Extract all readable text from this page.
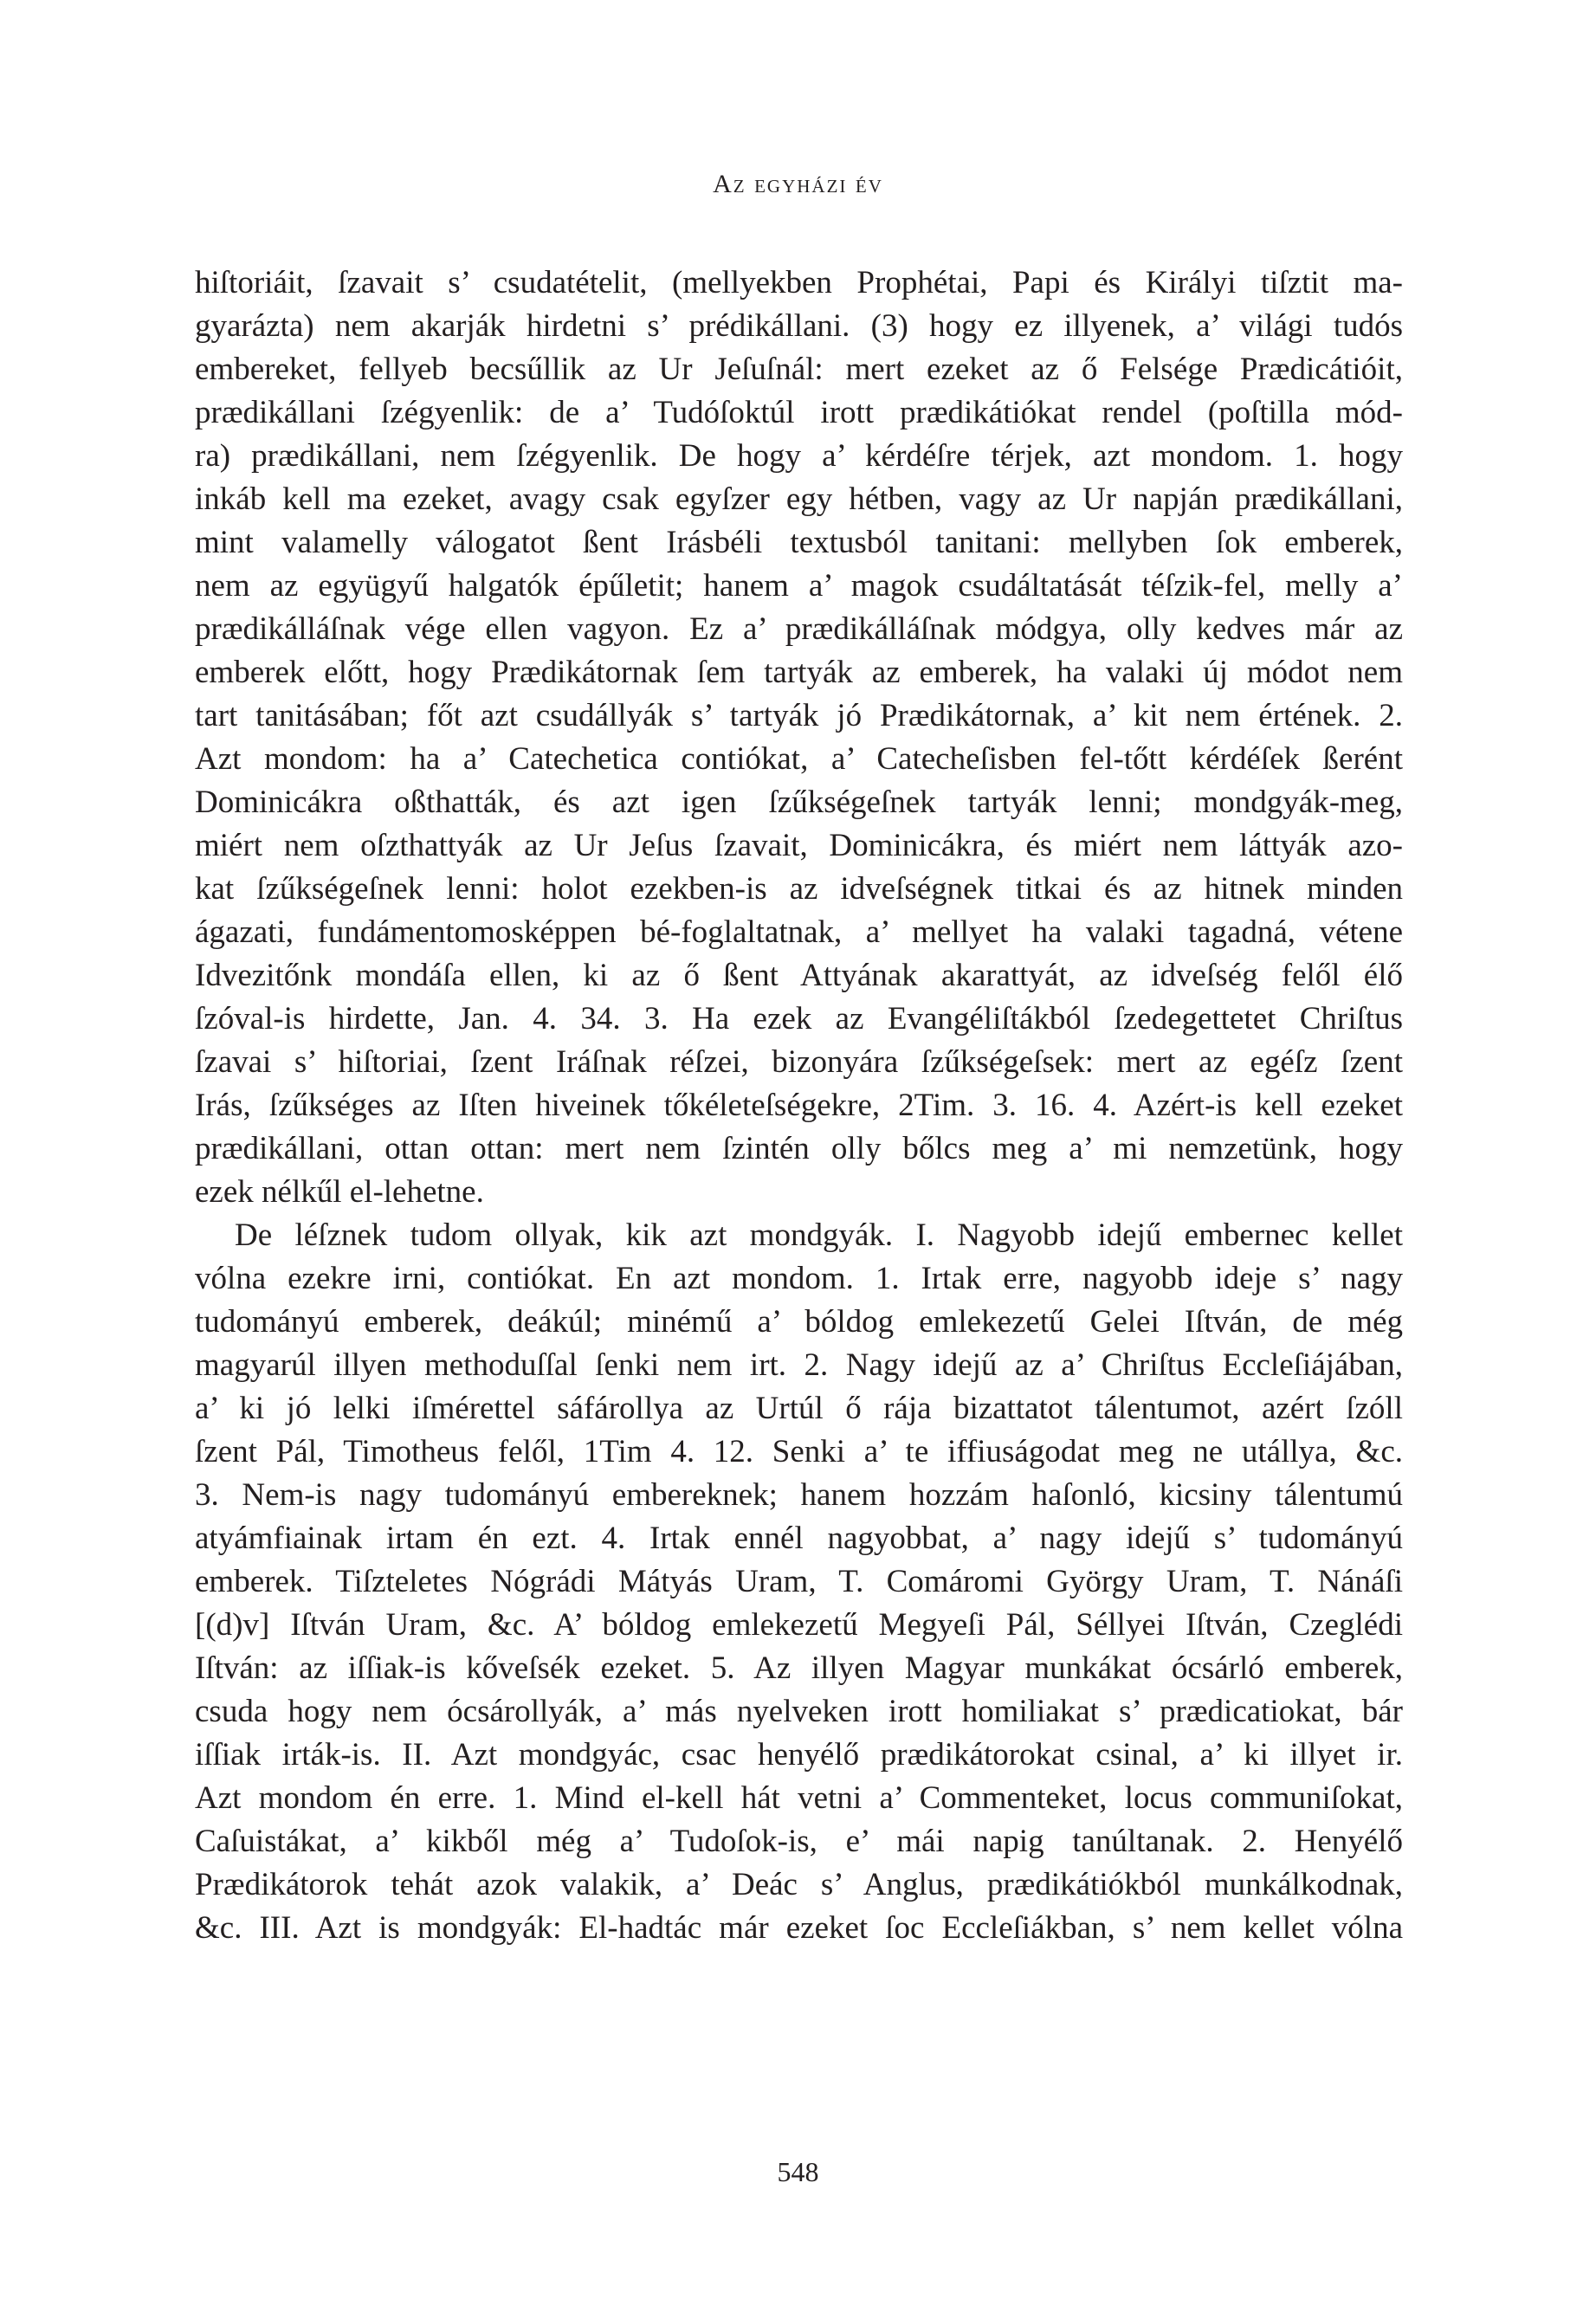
Az egyházi év
hiſtoriáit, ſzavait s’ csudatételit, (mellyekben Prophétai, Papi és Királyi tiſztit ma-
gyarázta) nem akarják hirdetni s’ prédikállani. (3) hogy ez illyenek, a’ világi tudós
embereket, fellyeb becsűllik az Ur Jeſuſnál: mert ezeket az ő Felsége Prædicátióit,
prædikállani ſzégyenlik: de a’ Tudóſoktúl irott prædikátiókat rendel (poſtilla mód-
ra) prædikállani, nem ſzégyenlik. De hogy a’ kérdéſre térjek, azt mondom. 1. hogy
inkáb kell ma ezeket, avagy csak egyſzer egy hétben, vagy az Ur napján prædikállani,
mint valamelly válogatot ßent Irásbéli textusból tanitani: mellyben ſok emberek,
nem az együgyű halgatók épűletit; hanem a’ magok csudáltatását téſzik-fel, melly a’
prædikálláſnak vége ellen vagyon. Ez a’ prædikálláſnak módgya, olly kedves már az
emberek előtt, hogy Prædikátornak ſem tartyák az emberek, ha valaki új módot nem
tart tanitásában; főt azt csudállyák s’ tartyák jó Prædikátornak, a’ kit nem értének. 2.
Azt mondom: ha a’ Catechetica contiókat, a’ Catecheſisben fel-tőtt kérdéſek ßerént
Dominicákra oßthatták, és azt igen ſzűkségeſnek tartyák lenni; mondgyák-meg,
miért nem oſzthattyák az Ur Jeſus ſzavait, Dominicákra, és miért nem láttyák azo-
kat ſzűkségeſnek lenni: holot ezekben-is az idveſségnek titkai és az hitnek minden
ágazati, fundámentomosképpen bé-foglaltatnak, a’ mellyet ha valaki tagadná, vétene
Idvezitőnk mondáſa ellen, ki az ő ßent Attyának akarattyát, az idveſség felől élő
ſzóval-is hirdette, Jan. 4. 34. 3. Ha ezek az Evangéliſtákból ſzedegettetet Chriſtus
ſzavai s’ hiſtoriai, ſzent Iráſnak réſzei, bizonyára ſzűkségeſsek: mert az egéſz ſzent
Irás, ſzűkséges az Iſten hiveinek tőkéleteſségekre, 2Tim. 3. 16. 4. Azért-is kell ezeket
prædikállani, ottan ottan: mert nem ſzintén olly bőlcs meg a’ mi nemzetünk, hogy
ezek nélkűl el-lehetne.
De léſznek tudom ollyak, kik azt mondgyák. I. Nagyobb idejű embernec kellet
vólna ezekre irni, contiókat. En azt mondom. 1. Irtak erre, nagyobb ideje s’ nagy
tudományú emberek, deákúl; minémű a’ bóldog emlekezetű Gelei Iſtván, de még
magyarúl illyen methoduſſal ſenki nem irt. 2. Nagy idejű az a’ Chriſtus Eccleſiájában,
a’ ki jó lelki iſmérettel sáfárollya az Urtúl ő rája bizattatot tálentumot, azért ſzóll
ſzent Pál, Timotheus felől, 1Tim 4. 12. Senki a’ te iffiuságodat meg ne utállya, &c.
3. Nem-is nagy tudományú embereknek; hanem hozzám haſonló, kicsiny tálentumú
atyámfiainak irtam én ezt. 4. Irtak ennél nagyobbat, a’ nagy idejű s’ tudományú
emberek. Tiſzteletes Nógrádi Mátyás Uram, T. Comáromi György Uram, T. Nánáſi
[(d)v] Iſtván Uram, &c. A’ bóldog emlekezetű Megyeſi Pál, Séllyei Iſtván, Czeglédi
Iſtván: az iſſiak-is kőveſsék ezeket. 5. Az illyen Magyar munkákat ócsárló emberek,
csuda hogy nem ócsárollyák, a’ más nyelveken irott homiliakat s’ prædicatiokat, bár
iſſiak irták-is. II. Azt mondgyác, csac henyélő prædikátorokat csinal, a’ ki illyet ir.
Azt mondom én erre. 1. Mind el-kell hát vetni a’ Commenteket, locus communiſokat,
Caſuistákat, a’ kikből még a’ Tudoſok-is, e’ mái napig tanúltanak. 2. Henyélő
Prædikátorok tehát azok valakik, a’ Deác s’ Anglus, prædikátiókból munkálkodnak,
&c. III. Azt is mondgyák: El-hadtác már ezeket ſoc Eccleſiákban, s’ nem kellet vólna
548
